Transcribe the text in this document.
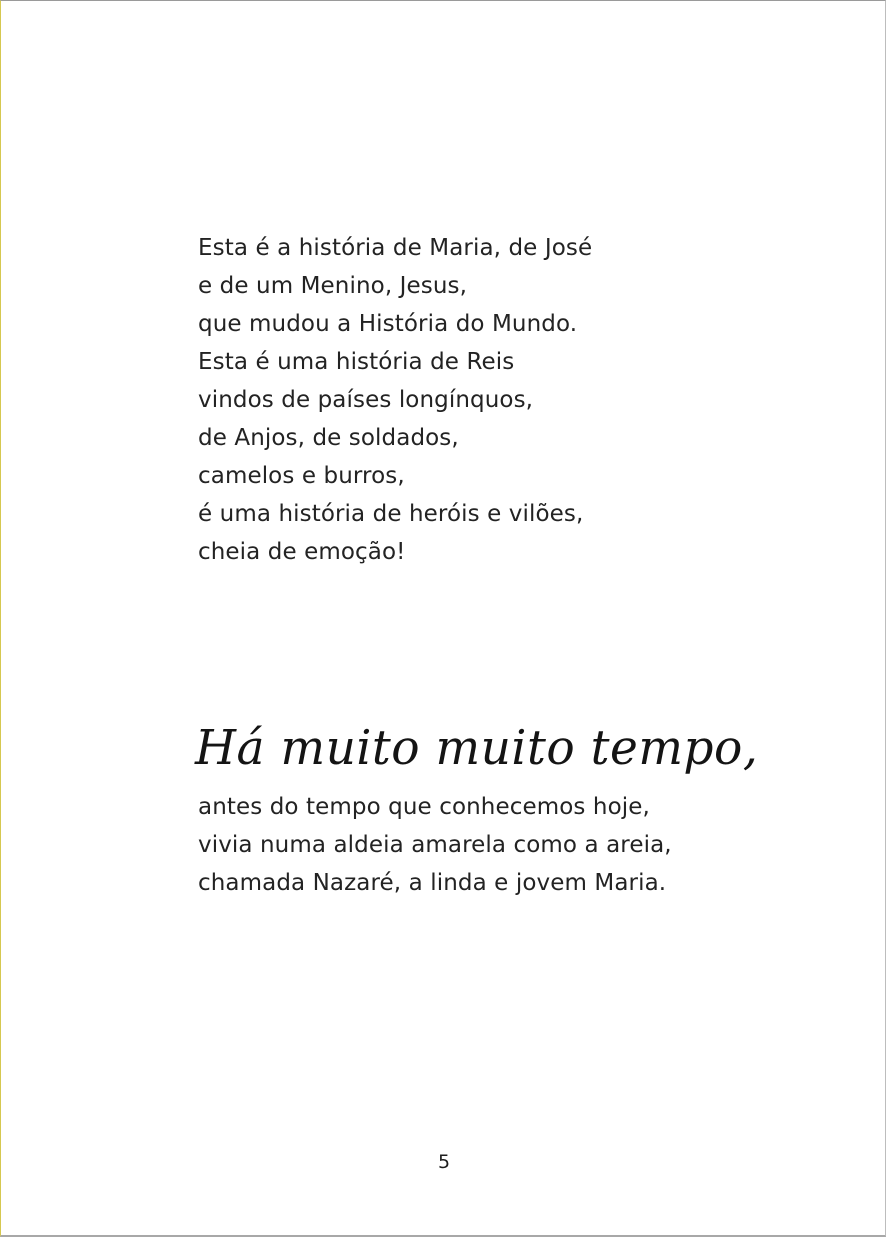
Esta é a história de Maria, de José
e de um Menino, Jesus,
que mudou a História do Mundo.
Esta é uma história de Reis
vindos de países longínquos,
de Anjos, de soldados,
camelos e burros,
é uma história de heróis e vilões,
cheia de emoção!
Há muito muito tempo,
antes do tempo que conhecemos hoje,
vivia numa aldeia amarela como a areia,
chamada Nazaré, a linda e jovem Maria.
5
